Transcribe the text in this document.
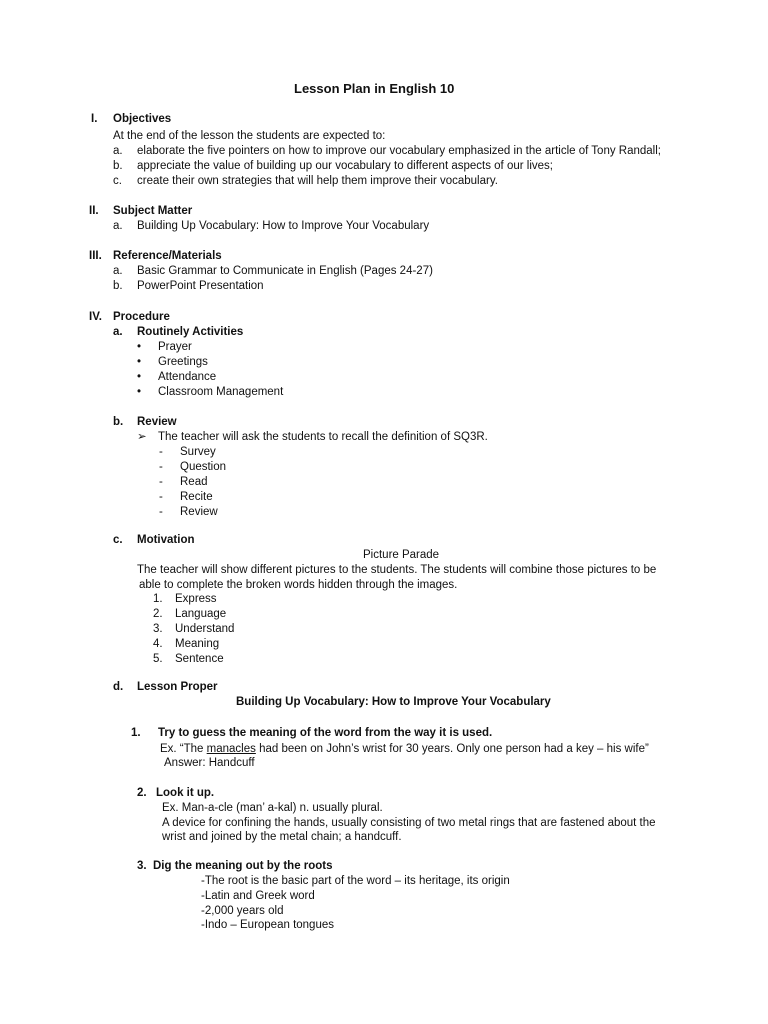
Lesson Plan in English 10
I. Objectives
At the end of the lesson the students are expected to:
a. elaborate the five pointers on how to improve our vocabulary emphasized in the article of Tony Randall;
b. appreciate the value of building up our vocabulary to different aspects of our lives;
c. create their own strategies that will help them improve their vocabulary.
II. Subject Matter
a. Building Up Vocabulary: How to Improve Your Vocabulary
III. Reference/Materials
a. Basic Grammar to Communicate in English (Pages 24-27)
b. PowerPoint Presentation
IV. Procedure
a. Routinely Activities
• Prayer
• Greetings
• Attendance
• Classroom Management
b. Review
➢ The teacher will ask the students to recall the definition of SQ3R.
- Survey
- Question
- Read
- Recite
- Review
c. Motivation
Picture Parade
The teacher will show different pictures to the students. The students will combine those pictures to be
able to complete the broken words hidden through the images.
1. Express
2. Language
3. Understand
4. Meaning
5. Sentence
d. Lesson Proper
Building Up Vocabulary: How to Improve Your Vocabulary
1. Try to guess the meaning of the word from the way it is used.
Ex. “The manacles had been on John’s wrist for 30 years. Only one person had a key – his wife”
Answer: Handcuff
2. Look it up.
Ex. Man-a-cle (man’ a-kal) n. usually plural.
A device for confining the hands, usually consisting of two metal rings that are fastened about the
wrist and joined by the metal chain; a handcuff.
3. Dig the meaning out by the roots
-The root is the basic part of the word – its heritage, its origin
-Latin and Greek word
-2,000 years old
-Indo – European tongues
